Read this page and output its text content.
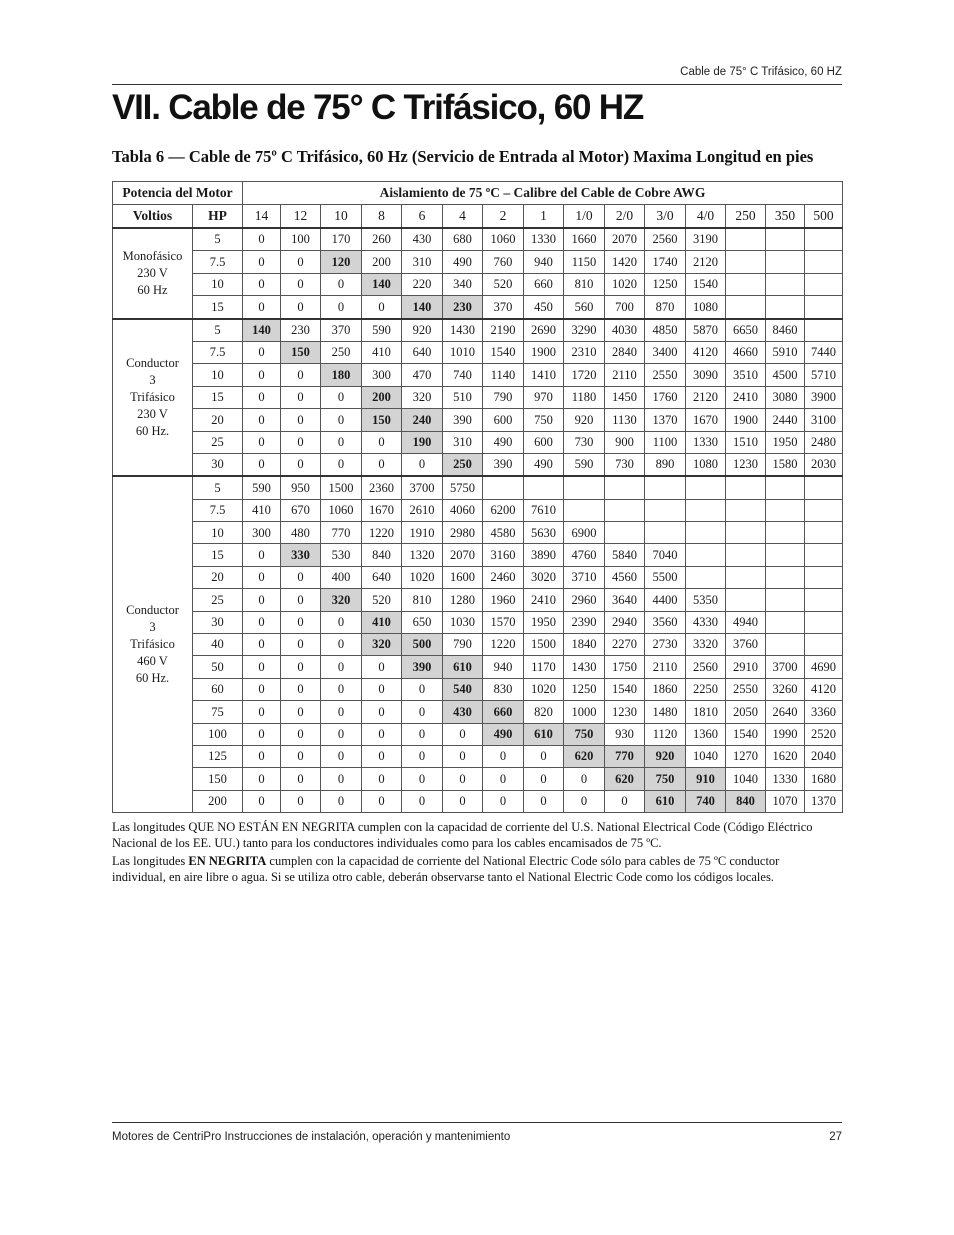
Cable de 75° C Trifásico, 60 HZ
VII. Cable de 75° C Trifásico, 60 HZ
Tabla 6 — Cable de 75º C Trifásico, 60 Hz (Servicio de Entrada al Motor) Maxima Longitud en pies
Potencia del Motor		Aislamiento de 75 ºC – Calibre del Cable de Cobre AWG														
Voltios	HP	14	12	10	8	6	4	2	1	1/0	2/0	3/0	4/0	250	350	500
Monofásico
230 V
60 Hz	5	0	100	170	260	430	680	1060	1330	1660	2070	2560	3190			
	7.5	0	0	120	200	310	490	760	940	1150	1420	1740	2120			
	10	0	0	0	140	220	340	520	660	810	1020	1250	1540			
	15	0	0	0	0	140	230	370	450	560	700	870	1080			
Conductor
3
Trifásico
230 V
60 Hz.	5	140	230	370	590	920	1430	2190	2690	3290	4030	4850	5870	6650	8460	
	7.5	0	150	250	410	640	1010	1540	1900	2310	2840	3400	4120	4660	5910	7440
	10	0	0	180	300	470	740	1140	1410	1720	2110	2550	3090	3510	4500	5710
	15	0	0	0	200	320	510	790	970	1180	1450	1760	2120	2410	3080	3900
	20	0	0	0	150	240	390	600	750	920	1130	1370	1670	1900	2440	3100
	25	0	0	0	0	190	310	490	600	730	900	1100	1330	1510	1950	2480
	30	0	0	0	0	0	250	390	490	590	730	890	1080	1230	1580	2030
Conductor
3
Trifásico
460 V
60 Hz.	5	590	950	1500	2360	3700	5750									
	7.5	410	670	1060	1670	2610	4060	6200	7610							
	10	300	480	770	1220	1910	2980	4580	5630	6900						
	15	0	330	530	840	1320	2070	3160	3890	4760	5840	7040				
	20	0	0	400	640	1020	1600	2460	3020	3710	4560	5500				
	25	0	0	320	520	810	1280	1960	2410	2960	3640	4400	5350			
	30	0	0	0	410	650	1030	1570	1950	2390	2940	3560	4330	4940		
	40	0	0	0	320	500	790	1220	1500	1840	2270	2730	3320	3760		
	50	0	0	0	0	390	610	940	1170	1430	1750	2110	2560	2910	3700	4690
	60	0	0	0	0	0	540	830	1020	1250	1540	1860	2250	2550	3260	4120
	75	0	0	0	0	0	430	660	820	1000	1230	1480	1810	2050	2640	3360
	100	0	0	0	0	0	0	490	610	750	930	1120	1360	1540	1990	2520
	125	0	0	0	0	0	0	0	0	620	770	920	1040	1270	1620	2040
	150	0	0	0	0	0	0	0	0	0	620	750	910	1040	1330	1680
	200	0	0	0	0	0	0	0	0	0	0	610	740	840	1070	1370

Las longitudes QUE NO ESTÁN EN NEGRITA cumplen con la capacidad de corriente del U.S. National Electrical Code (Código Eléctrico Nacional de los EE. UU.) tanto para los conductores individuales como para los cables encamisados de 75 ºC.

Las longitudes EN NEGRITA cumplen con la capacidad de corriente del National Electric Code sólo para cables de 75 ºC conductor individual, en aire libre o agua. Si se utiliza otro cable, deberán observarse tanto el National Electric Code como los códigos locales.

Motores de CentriPro Instrucciones de instalación, operación y mantenimiento	27
